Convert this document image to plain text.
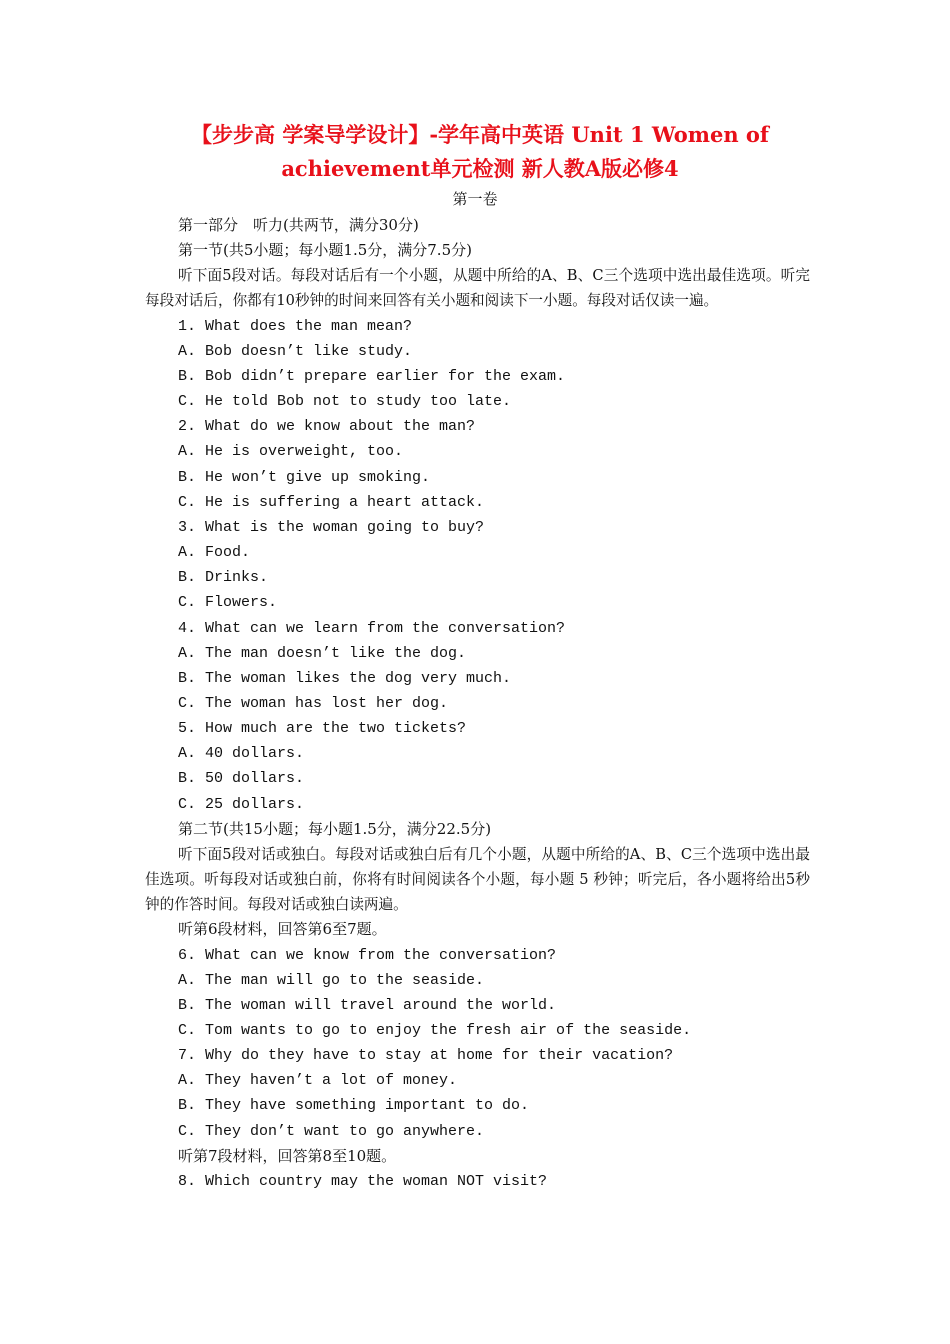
【步步高 学案导学设计】-学年高中英语 Unit 1 Women of
achievement单元检测 新人教A版必修4
第一卷
第一部分　听力(共两节，满分30分)
第一节(共5小题；每小题1.5分，满分7.5分)
听下面5段对话。每段对话后有一个小题，从题中所给的A、B、C三个选项中选出最佳选项。听完每段对话后，你都有10秒钟的时间来回答有关小题和阅读下一小题。每段对话仅读一遍。
1. What does the man mean?
A. Bob doesn’t like study.
B. Bob didn’t prepare earlier for the exam.
C. He told Bob not to study too late.
2. What do we know about the man?
A. He is overweight, too.
B. He won’t give up smoking.
C. He is suffering a heart attack.
3. What is the woman going to buy?
A. Food.
B. Drinks.
C. Flowers.
4. What can we learn from the conversation?
A. The man doesn’t like the dog.
B. The woman likes the dog very much.
C. The woman has lost her dog.
5. How much are the two tickets?
A. 40 dollars.
B. 50 dollars.
C. 25 dollars.
第二节(共15小题；每小题1.5分，满分22.5分)
听下面5段对话或独白。每段对话或独白后有几个小题，从题中所给的A、B、C三个选项中选出最佳选项。听每段对话或独白前，你将有时间阅读各个小题，每小题 5 秒钟；听完后，各小题将给出5秒钟的作答时间。每段对话或独白读两遍。
听第6段材料，回答第6至7题。
6. What can we know from the conversation?
A. The man will go to the seaside.
B. The woman will travel around the world.
C. Tom wants to go to enjoy the fresh air of the seaside.
7. Why do they have to stay at home for their vacation?
A. They haven’t a lot of money.
B. They have something important to do.
C. They don’t want to go anywhere.
听第7段材料，回答第8至10题。
8. Which country may the woman NOT visit?
